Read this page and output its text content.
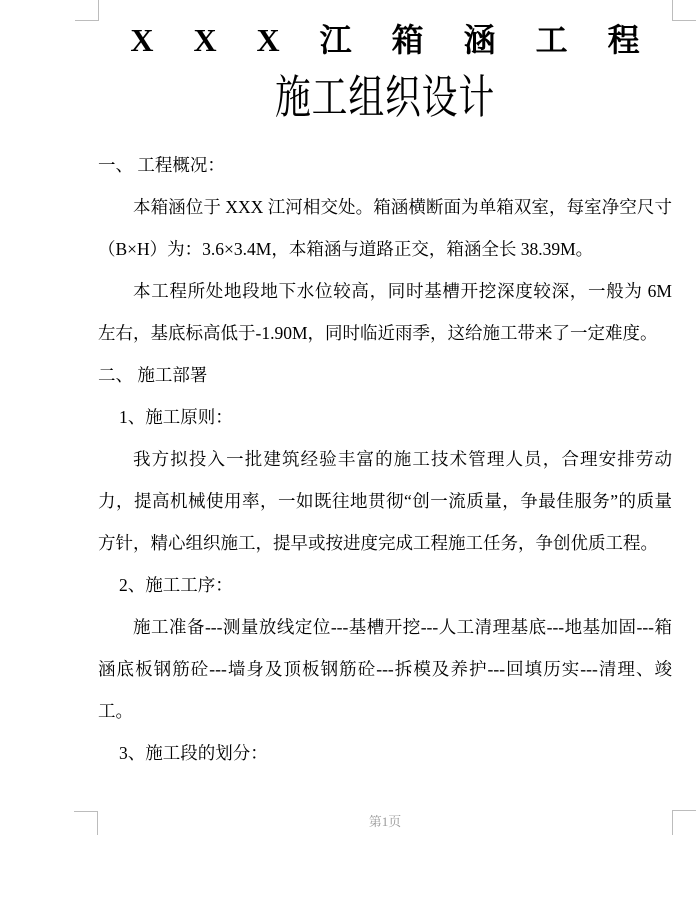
X X X 江 箱 涵 工 程
施工组织设计

一、 工程概况：

本箱涵位于 XXX 江河相交处。箱涵横断面为单箱双室，每室净空尺寸（B×H）为：3.6×3.4M，本箱涵与道路正交，箱涵全长 38.39M。

本工程所处地段地下水位较高，同时基槽开挖深度较深，一般为 6M 左右，基底标高低于-1.90M，同时临近雨季，这给施工带来了一定难度。

二、 施工部署

1、施工原则：

我方拟投入一批建筑经验丰富的施工技术管理人员，合理安排劳动力，提高机械使用率，一如既往地贯彻“创一流质量，争最佳服务”的质量方针，精心组织施工，提早或按进度完成工程施工任务，争创优质工程。

2、施工工序：

施工准备---测量放线定位---基槽开挖---人工清理基底---地基加固---箱涵底板钢筋砼---墙身及顶板钢筋砼---拆模及养护---回填历实---清理、竣工。

3、施工段的划分：

第1页
